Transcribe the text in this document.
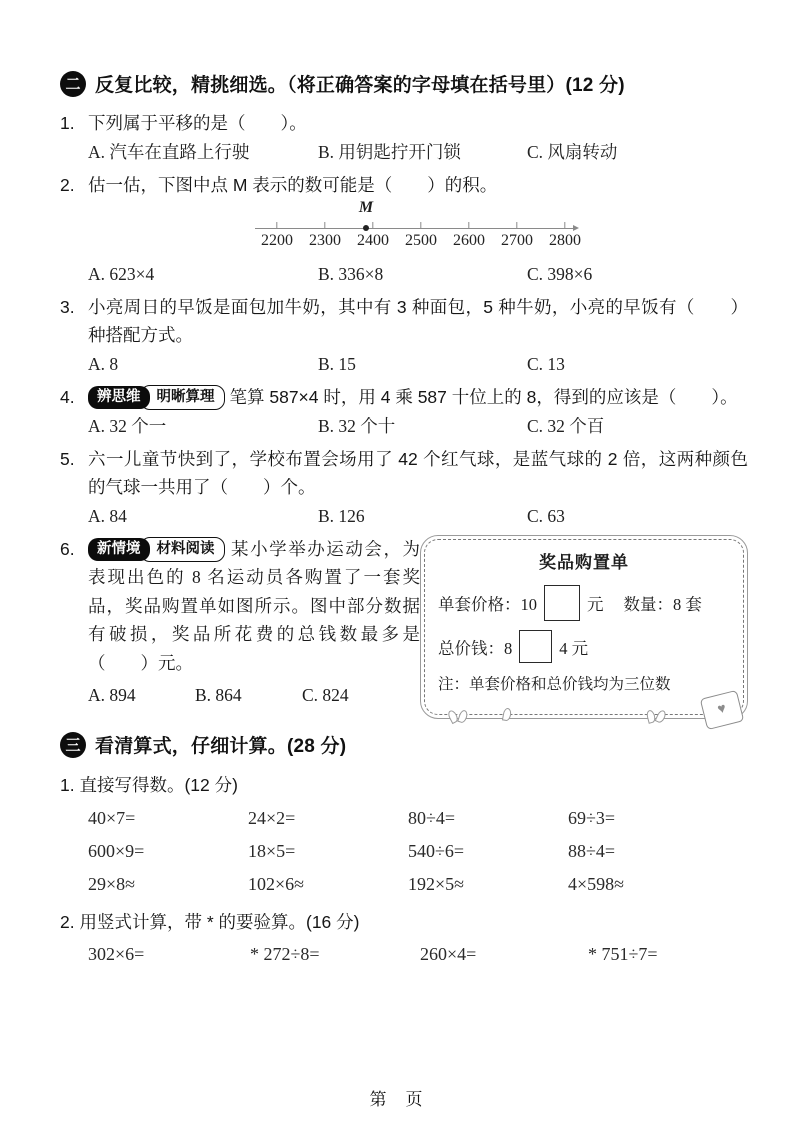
二 反复比较，精挑细选。（将正确答案的字母填在括号里）(12 分)
1. 下列属于平移的是（　　）。
A. 汽车在直路上行驶	B. 用钥匙拧开门锁	C. 风扇转动
2. 估一估，下图中点 M 表示的数可能是（　　）的积。
M
2200 2300 2400 2500 2600 2700 2800
A. 623×4	B. 336×8	C. 398×6
3. 小亮周日的早饭是面包加牛奶，其中有 3 种面包，5 种牛奶，小亮的早饭有（　　）种搭配方式。
A. 8	B. 15	C. 13
4.	辨思维 明晰算理 笔算 587×4 时，用 4 乘 587 十位上的 8，得到的应该是（　　）。
A. 32 个一	B. 32 个十	C. 32 个百
5. 六一儿童节快到了，学校布置会场用了 42 个红气球，是蓝气球的 2 倍，这两种颜色的气球一共用了（　　）个。
A. 84	B. 126	C. 63
6.	新情境 材料阅读 某小学举办运动会，为表现出色的 8 名运动员各购置了一套奖品，奖品购置单如图所示。图中部分数据有破损，奖品所花费的总钱数最多是（　　）元。
A. 894	B. 864	C. 824
奖品购置单
单套价格：10	元 数量：8 套
总价钱：8	4 元
注：单套价格和总价钱均为三位数
♥
三 看清算式，仔细计算。(28 分)
1. 直接写得数。(12 分)
40×7=	24×2=	80÷4=	69÷3=
600×9=	18×5=	540÷6=	88÷4=
29×8≈	102×6≈	192×5≈	4×598≈
2. 用竖式计算，带 * 的要验算。(16 分)
302×6=	* 272÷8=	260×4=	* 751÷7=
第　页
